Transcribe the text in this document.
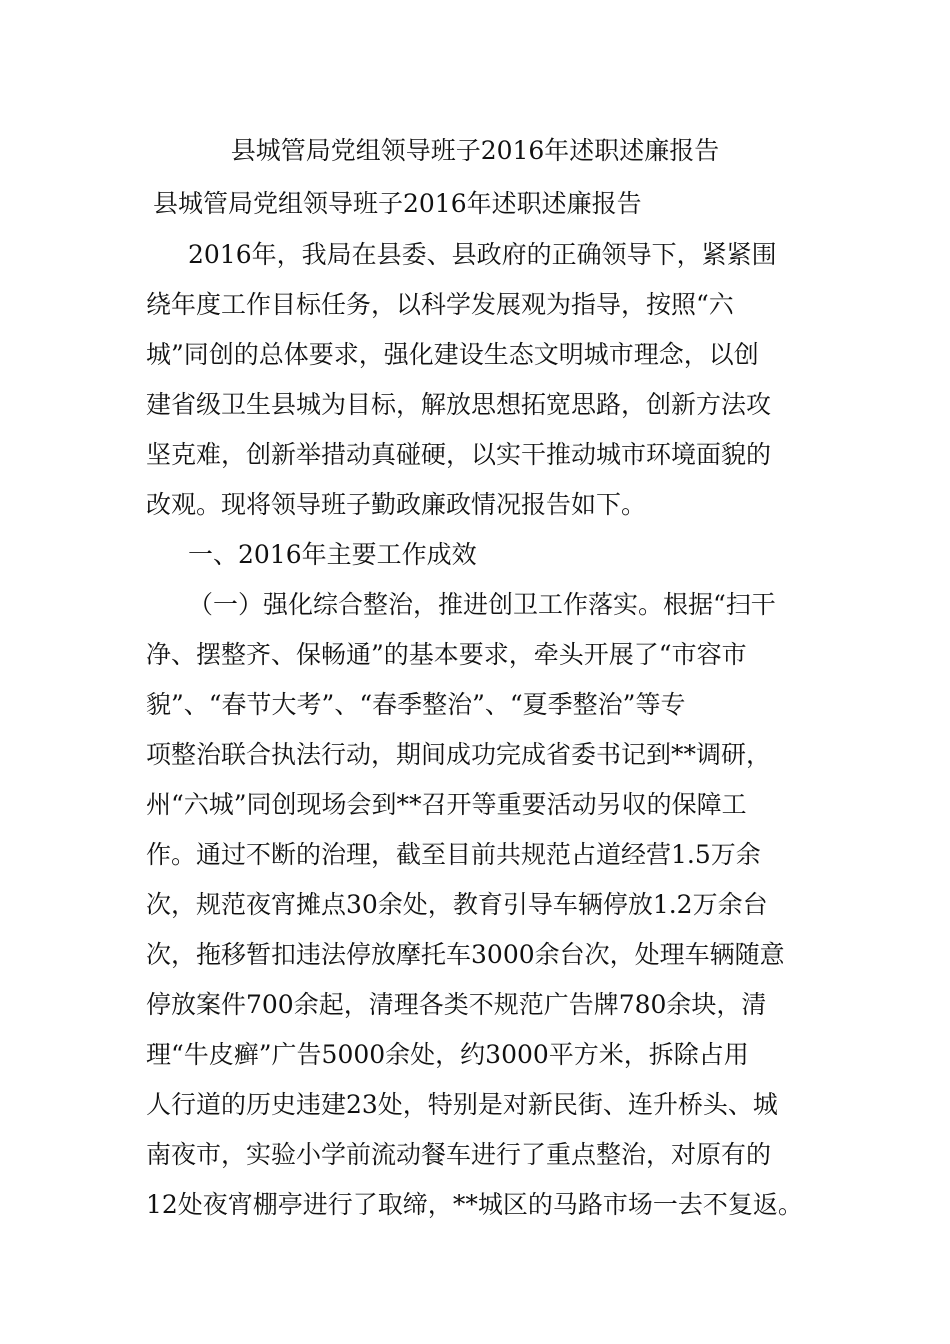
县城管局党组领导班子2016年述职述廉报告
县城管局党组领导班子2016年述职述廉报告
2016年，我局在县委、县政府的正确领导下，紧紧围
绕年度工作目标任务，以科学发展观为指导，按照“六
城”同创的总体要求，强化建设生态文明城市理念，以创
建省级卫生县城为目标，解放思想拓宽思路，创新方法攻
坚克难，创新举措动真碰硬，以实干推动城市环境面貌的
改观。现将领导班子勤政廉政情况报告如下。
一、2016年主要工作成效
（一）强化综合整治，推进创卫工作落实。根据“扫干
净、摆整齐、保畅通”的基本要求，牵头开展了“市容市
貌”、“春节大考”、“春季整治”、“夏季整治”等专
项整治联合执法行动，期间成功完成省委书记到**调研，
州“六城”同创现场会到**召开等重要活动另収的保障工
作。通过不断的治理，截至目前共规范占道经营1.5万余
次，规范夜宵摊点30余处，教育引导车辆停放1.2万余台
次，拖移暂扣违法停放摩托车3000余台次，处理车辆随意
停放案件700余起，清理各类不规范广告牌780余块，清
理“牛皮癣”广告5000余处，约3000平方米，拆除占用
人行道的历史违建23处，特别是对新民街、连升桥头、城
南夜市，实验小学前流动餐车进行了重点整治，对原有的
12处夜宵棚亭进行了取缔，**城区的马路市场一去不复返。
